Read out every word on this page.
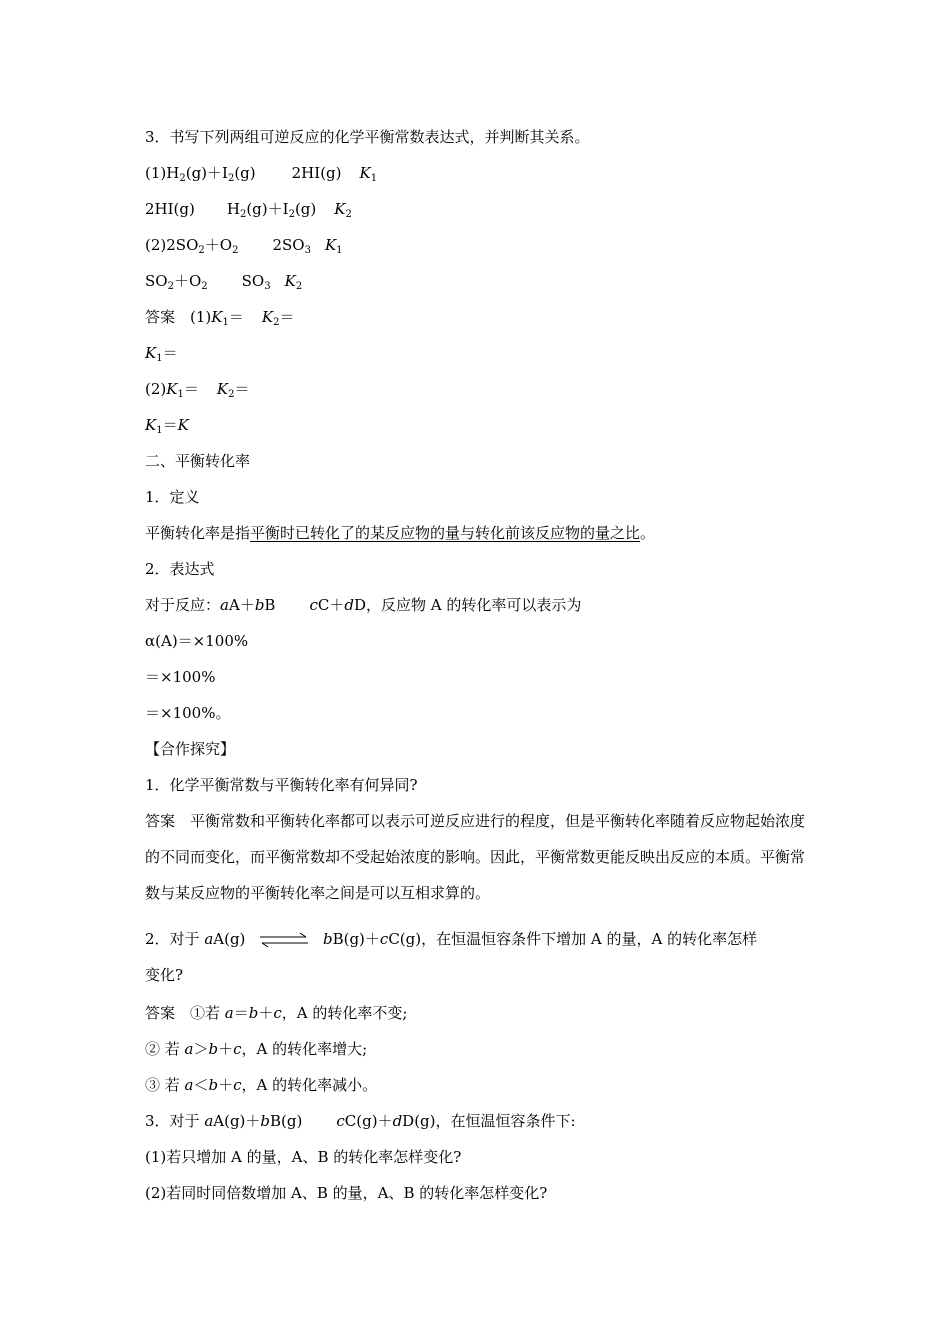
3．书写下列两组可逆反应的化学平衡常数表达式，并判断其关系。
$(1)H_2(g)+I_2(g)$ 2HI(g) $K_1$
2HI(g) $H_2(g)+I_2(g)$ $K_2$
$(2)2SO_2+O_2$ $2SO_3$ $K_1$
$SO_2+O_2$ $SO_3$ $K_2$
答案　$(1)K_1= K_2=$
$K_1=$
$(2)K_1= K_2=$
$K_1=K$
二、平衡转化率
1．定义
平衡转化率是指平衡时已转化了的某反应物的量与转化前该反应物的量之比。
2．表达式
对于反应：aA＋bB cC＋dD，反应物 A 的转化率可以表示为
α(A)＝×100%
＝×100%
＝×100%。
【合作探究】
1．化学平衡常数与平衡转化率有何异同?
答案　平衡常数和平衡转化率都可以表示可逆反应进行的程度，但是平衡转化率随着反应物起始浓度的不同而变化，而平衡常数却不受起始浓度的影响。因此，平衡常数更能反映出反应的本质。平衡常数与某反应物的平衡转化率之间是可以互相求算的。
2．对于 aA(g) ⇌ bB(g)＋cC(g)，在恒温恒容条件下增加 A 的量，A 的转化率怎样
变化?
答案　①若 a＝b＋c，A 的转化率不变;
② 若 a＞b＋c，A 的转化率增大;
③ 若 a＜b＋c，A 的转化率减小。
3．对于 aA(g)＋bB(g) cC(g)＋dD(g)，在恒温恒容条件下:
(1)若只增加 A 的量，A、B 的转化率怎样变化?
(2)若同时同倍数增加 A、B 的量，A、B 的转化率怎样变化?
